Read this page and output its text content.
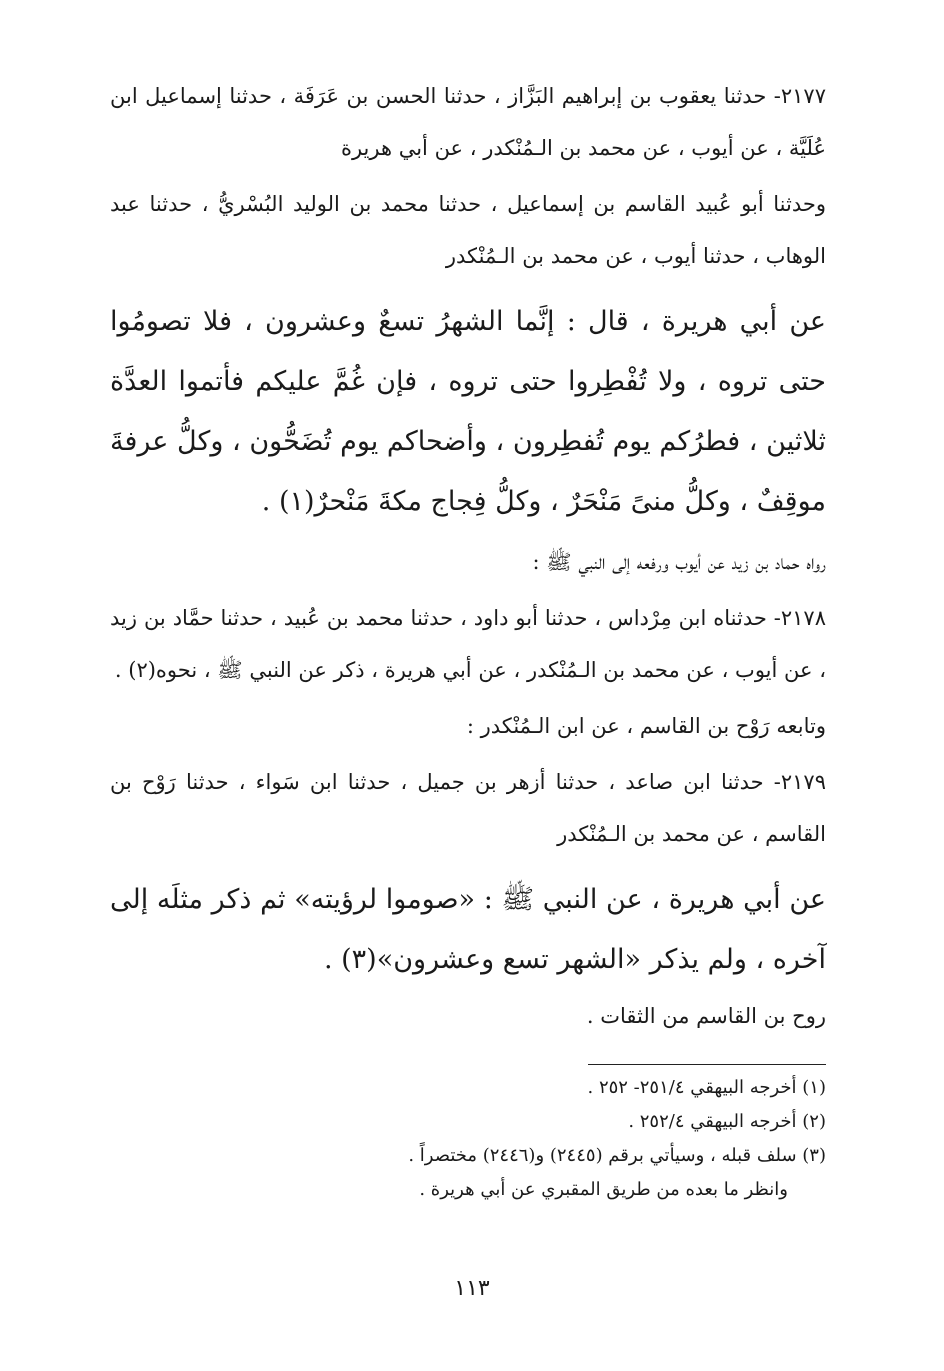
٢١٧٧- حدثنا يعقوب بن إبراهيم البَزَّاز ، حدثنا الحسن بن عَرَفَة ، حدثنا إسماعيل ابن عُلَيَّة ، عن أيوب ، عن محمد بن الـمُنْكدر ، عن أبي هريرة

وحدثنا أبو عُبيد القاسم بن إسماعيل ، حدثنا محمد بن الوليد البُسْريُّ ، حدثنا عبد الوهاب ، حدثنا أيوب ، عن محمد بن الـمُنْكدر

عن أبي هريرة ، قال : إنَّما الشهرُ تسعٌ وعشرون ، فلا تصومُوا حتى تروه ، ولا تُفْطِروا حتى تروه ، فإن غُمَّ عليكم فأتموا العدَّة ثلاثين ، فطرُكم يوم تُفطِرون ، وأضحاكم يوم تُضَحُّون ، وكلُّ عرفةَ موقِفٌ ، وكلُّ منىً مَنْحَرٌ ، وكلُّ فِجاج مكةَ مَنْحرٌ(١) .

رواه حماد بن زيد عن أيوب ورفعه إلى النبي ﷺ :

٢١٧٨- حدثناه ابن مِرْداس ، حدثنا أبو داود ، حدثنا محمد بن عُبيد ، حدثنا حمَّاد بن زيد ، عن أيوب ، عن محمد بن الـمُنْكدر ، عن أبي هريرة ، ذكر عن النبي ﷺ ، نحوه(٢) .

وتابعه رَوْح بن القاسم ، عن ابن الـمُنْكدر :

٢١٧٩- حدثنا ابن صاعد ، حدثنا أزهر بن جميل ، حدثنا ابن سَواء ، حدثنا رَوْح بن القاسم ، عن محمد بن الـمُنْكدر

عن أبي هريرة ، عن النبي ﷺ : «صوموا لرؤيته» ثم ذكر مثلَه إلى آخره ، ولم يذكر «الشهر تسع وعشرون»(٣) .

روح بن القاسم من الثقات .

(١) أخرجه البيهقي ٢٥١/٤- ٢٥٢ .

(٢) أخرجه البيهقي ٢٥٢/٤ .

(٣) سلف قبله ، وسيأتي برقم (٢٤٤٥) و(٢٤٤٦) مختصراً .

وانظر ما بعده من طريق المقبري عن أبي هريرة .

١١٣
